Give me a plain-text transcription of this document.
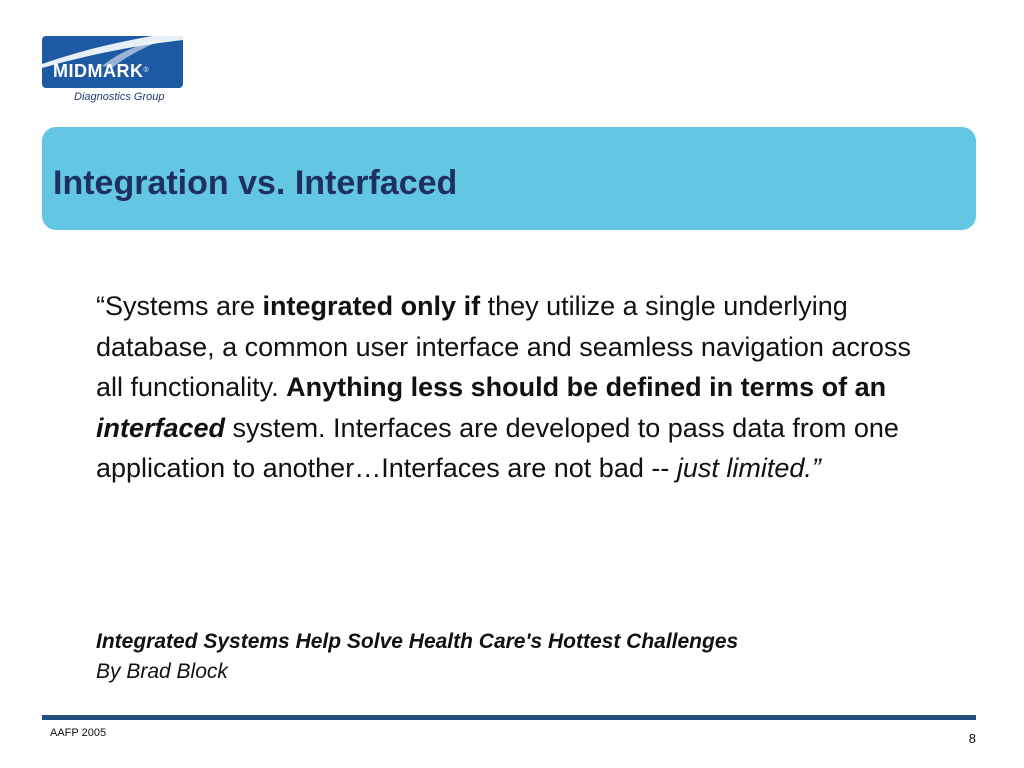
MIDMARK®
Diagnostics Group
Integration vs. Interfaced

“Systems are integrated only if they utilize a single underlying database, a common user interface and seamless navigation across all functionality. Anything less should be defined in terms of an interfaced system. Interfaces are developed to pass data from one application to another…Interfaces are not bad -- just limited.”

Integrated Systems Help Solve Health Care's Hottest Challenges
By Brad Block
AAFP 2005	8
